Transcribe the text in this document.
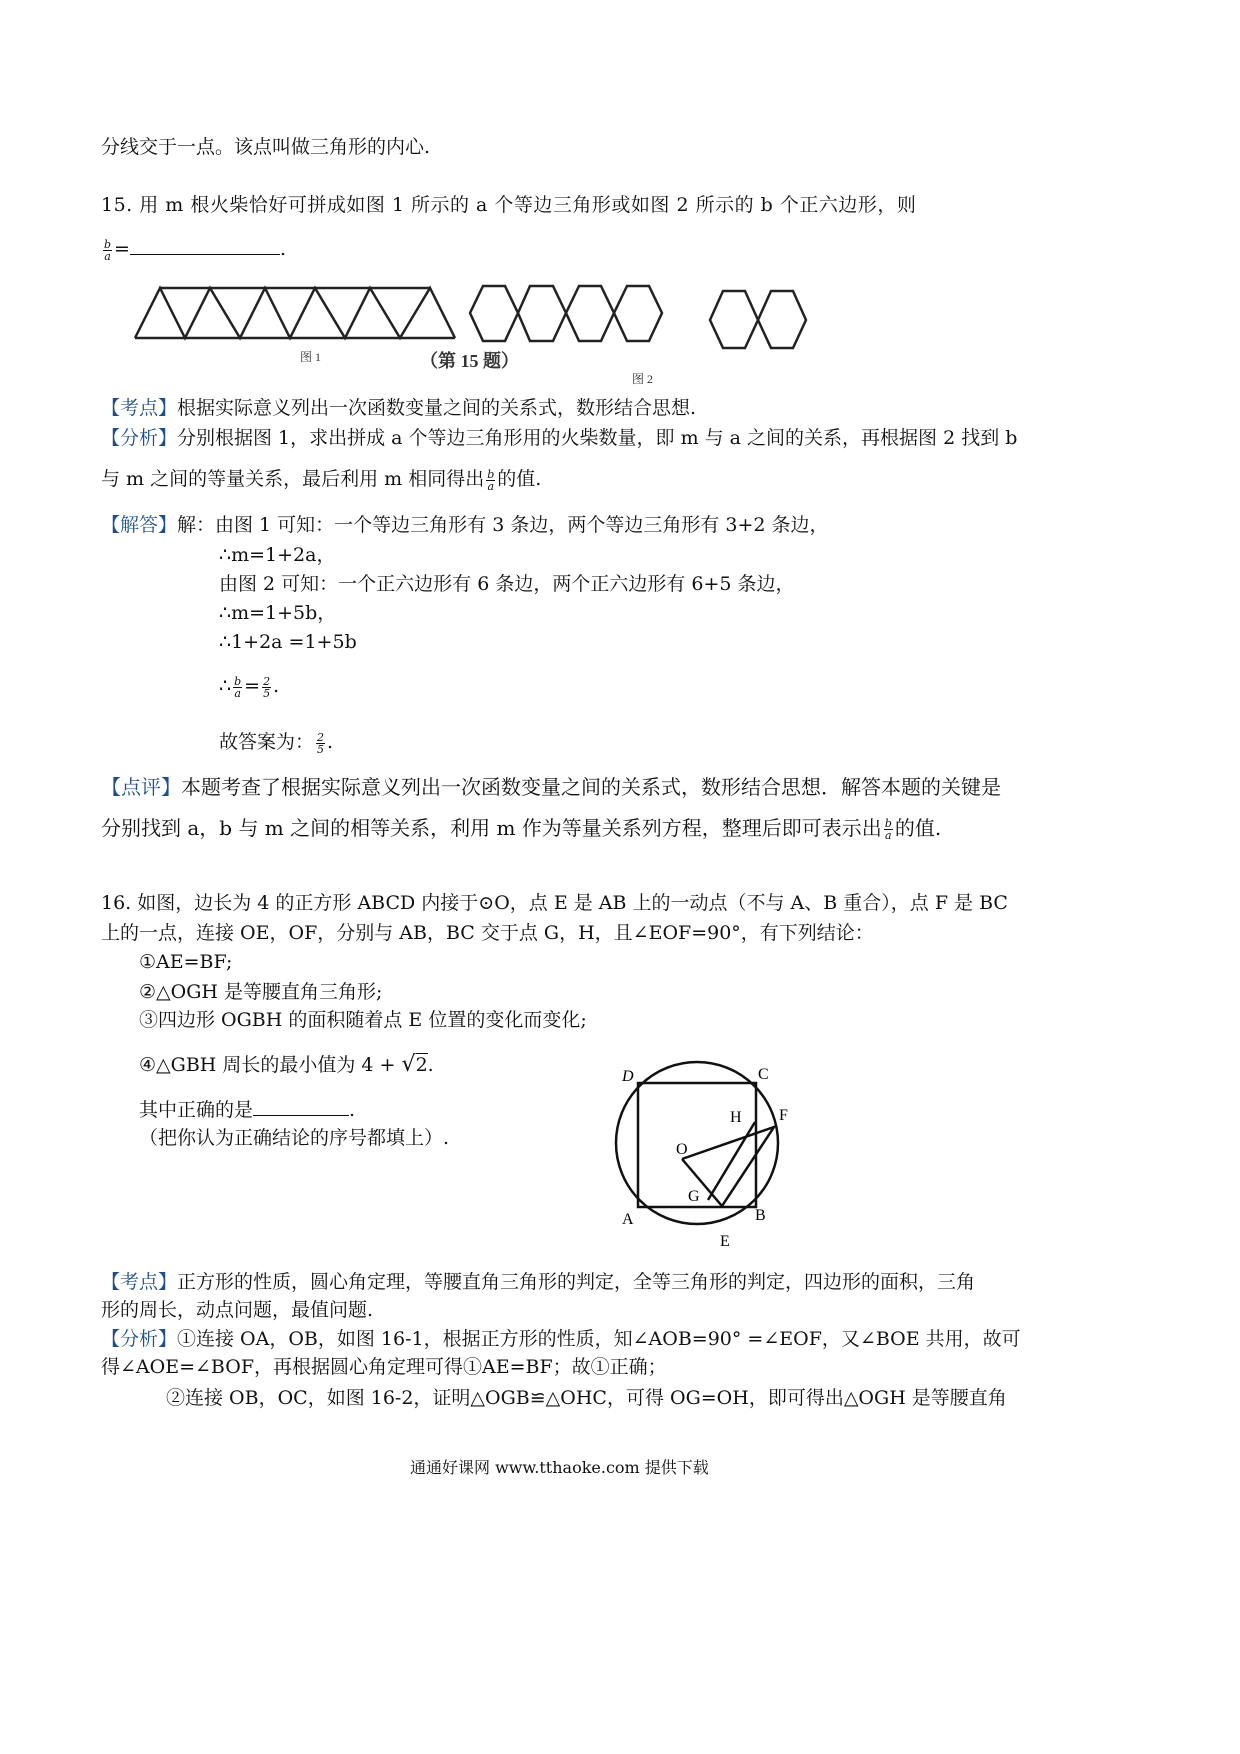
分线交于一点。该点叫做三角形的内心.
15. 用 m 根火柴恰好可拼成如图 1 所示的 a 个等边三角形或如图 2 所示的 b 个正六边形，则
$\frac{b}{a}$ =	.
图 1	（第 15 题）
图 2
【考点】根据实际意义列出一次函数变量之间的关系式，数形结合思想.
【分析】分别根据图 1，求出拼成 a 个等边三角形用的火柴数量，即 m 与 a 之间的关系，再根据图 2 找到 b
与 m 之间的等量关系，最后利用 m 相同得出 $\frac{b}{a}$ 的值.
【解答】解：由图 1 可知：一个等边三角形有 3 条边，两个等边三角形有 3+2 条边，
∴m=1+2a，
由图 2 可知：一个正六边形有 6 条边，两个正六边形有 6+5 条边，
∴m=1+5b，
∴1+2a =1+5b
∴ $\frac{b}{a} = \frac{2}{5}$ .
故答案为： $\frac{2}{5}$ .
【点评】本题考查了根据实际意义列出一次函数变量之间的关系式，数形结合思想．解答本题的关键是
分别找到 a，b 与 m 之间的相等关系，利用 m 作为等量关系列方程，整理后即可表示出 $\frac{b}{a}$ 的值.
16. 如图，边长为 4 的正方形 ABCD 内接于⊙O，点 E 是 AB 上的一动点（不与 A、B 重合），点 F 是 BC
上的一点，连接 OE，OF，分别与 AB，BC 交于点 G，H，且∠EOF=90°，有下列结论：
①AE=BF;
②△OGH 是等腰直角三角形;
③四边形 OGBH 的面积随着点 E 位置的变化而变化;
④△GBH 周长的最小值为 4 + √2.
其中正确的是	.
（把你认为正确结论的序号都填上）.
D	C
H F
O
G
A	B
E
【考点】正方形的性质，圆心角定理，等腰直角三角形的判定，全等三角形的判定，四边形的面积，三角
形的周长，动点问题，最值问题.
【分析】①连接 OA，OB，如图 16-1，根据正方形的性质，知∠AOB=90° =∠EOF，又∠BOE 共用，故可
得∠AOE=∠BOF，再根据圆心角定理可得①AE=BF；故①正确；
②连接 OB，OC，如图 16-2，证明△OGB≌△OHC，可得 OG=OH，即可得出△OGH 是等腰直角
通通好课网 www.tthaoke.com 提供下载
